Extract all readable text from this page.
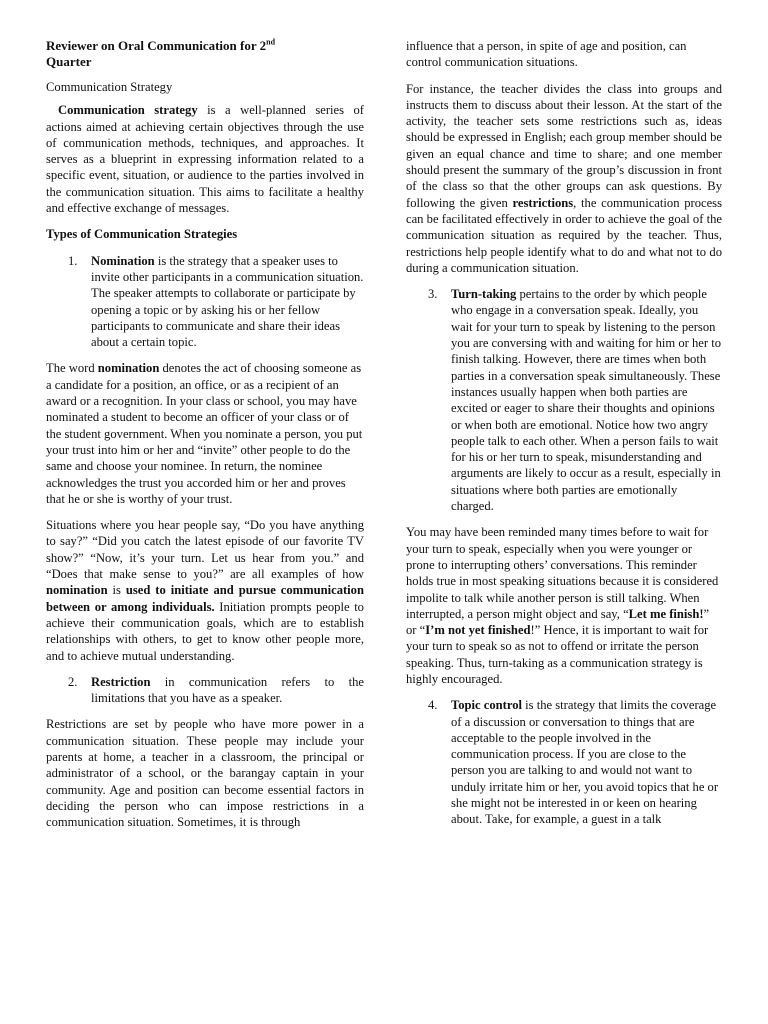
Reviewer on Oral Communication for 2nd
Quarter

Communication Strategy

Communication strategy is a well-planned series of actions aimed at achieving certain objectives through the use of communication methods, techniques, and approaches. It serves as a blueprint in expressing information related to a specific event, situation, or audience to the parties involved in the communication situation. This aims to facilitate a healthy and effective exchange of messages.

Types of Communication Strategies

1. Nomination is the strategy that a speaker uses to invite other participants in a communication situation. The speaker attempts to collaborate or participate by opening a topic or by asking his or her fellow participants to communicate and share their ideas about a certain topic.

The word nomination denotes the act of choosing someone as a candidate for a position, an office, or as a recipient of an award or a recognition. In your class or school, you may have nominated a student to become an officer of your class or of the student government. When you nominate a person, you put your trust into him or her and “invite” other people to do the same and choose your nominee. In return, the nominee acknowledges the trust you accorded him or her and proves that he or she is worthy of your trust.

Situations where you hear people say, “Do you have anything to say?” “Did you catch the latest episode of our favorite TV show?” “Now, it’s your turn. Let us hear from you.” and “Does that make sense to you?” are all examples of how nomination is used to initiate and pursue communication between or among individuals. Initiation prompts people to achieve their communication goals, which are to establish relationships with others, to get to know other people more, and to achieve mutual understanding.

2. Restriction in communication refers to the limitations that you have as a speaker.

Restrictions are set by people who have more power in a communication situation. These people may include your parents at home, a teacher in a classroom, the principal or administrator of a school, or the barangay captain in your community. Age and position can become essential factors in deciding the person who can impose restrictions in a communication situation. Sometimes, it is through

influence that a person, in spite of age and position, can control communication situations.

For instance, the teacher divides the class into groups and instructs them to discuss about their lesson. At the start of the activity, the teacher sets some restrictions such as, ideas should be expressed in English; each group member should be given an equal chance and time to share; and one member should present the summary of the group’s discussion in front of the class so that the other groups can ask questions. By following the given restrictions, the communication process can be facilitated effectively in order to achieve the goal of the communication situation as required by the teacher. Thus, restrictions help people identify what to do and what not to do during a communication situation.

3. Turn-taking pertains to the order by which people who engage in a conversation speak. Ideally, you wait for your turn to speak by listening to the person you are conversing with and waiting for him or her to finish talking. However, there are times when both parties in a conversation speak simultaneously. These instances usually happen when both parties are excited or eager to share their thoughts and opinions or when both are emotional. Notice how two angry people talk to each other. When a person fails to wait for his or her turn to speak, misunderstanding and arguments are likely to occur as a result, especially in situations where both parties are emotionally charged.

You may have been reminded many times before to wait for your turn to speak, especially when you were younger or prone to interrupting others’ conversations. This reminder holds true in most speaking situations because it is considered impolite to talk while another person is still talking. When interrupted, a person might object and say, “Let me finish!” or “I’m not yet finished!” Hence, it is important to wait for your turn to speak so as not to offend or irritate the person speaking. Thus, turn-taking as a communication strategy is highly encouraged.

4. Topic control is the strategy that limits the coverage of a discussion or conversation to things that are acceptable to the people involved in the communication process. If you are close to the person you are talking to and would not want to unduly irritate him or her, you avoid topics that he or she might not be interested in or keen on hearing about. Take, for example, a guest in a talk
